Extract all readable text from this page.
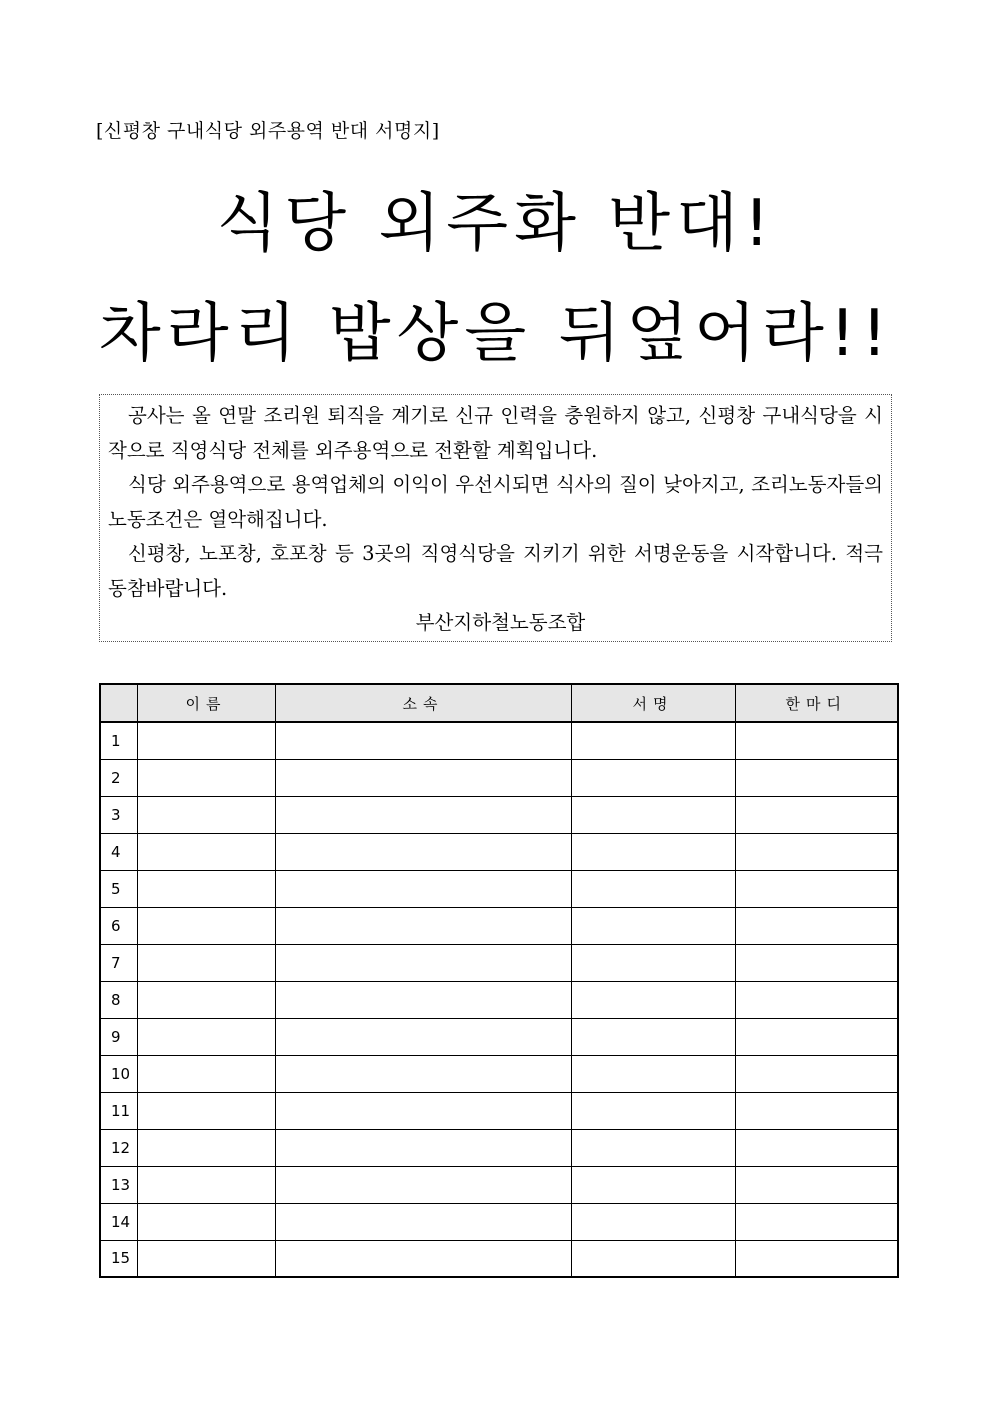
[신평창 구내식당 외주용역 반대 서명지]
식당 외주화 반대!
차라리 밥상을 뒤엎어라!!

공사는 올 연말 조리원 퇴직을 계기로 신규 인력을 충원하지 않고, 신평창 구내식당을 시작으로 직영식당 전체를 외주용역으로 전환할 계획입니다.

식당 외주용역으로 용역업체의 이익이 우선시되면 식사의 질이 낮아지고, 조리노동자들의 노동조건은 열악해집니다.

신평창, 노포창, 호포창 등 3곳의 직영식당을 지키기 위한 서명운동을 시작합니다. 적극 동참바랍니다.

부산지하철노동조합

	이름	소속	서명	한마디
1				
2				
3				
4				
5				
6				
7				
8				
9				
10				
11				
12				
13				
14				
15				
